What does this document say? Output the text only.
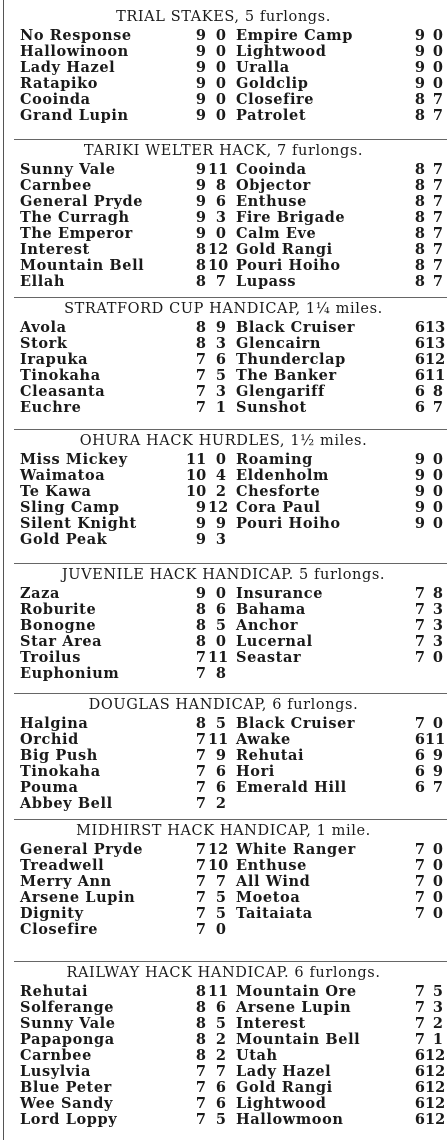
TRIAL STAKES, 5 furlongs.
No Response	9 0 Empire Camp	9 0
Hallowinoon	9 0 Lightwood	9 0
Lady Hazel	9 0 Uralla	9 0
Ratapiko	9 0 Goldclip	9 0
Cooinda	9 0 Closefire	8 7
Grand Lupin	9 0 Patrolet	8 7
TARIKI WELTER HACK, 7 furlongs.
Sunny Vale	9 11 Cooinda	8 7
Carnbee	9 8 Objector	8 7
General Pryde	9 6 Enthuse	8 7
The Curragh	9 3 Fire Brigade	8 7
The Emperor	9 0 Calm Eve	8 7
Interest	8 12 Gold Rangi	8 7
Mountain Bell	8 10 Pouri Hoiho	8 7
Ellah	8 7 Lupass	8 7
STRATFORD CUP HANDICAP, 1¼ miles.
Avola	8 9 Black Cruiser	6 13
Stork	8 3 Glencairn	6 13
Irapuka	7 6 Thunderclap	6 12
Tinokaha	7 5 The Banker	6 11
Cleasanta	7 3 Glengariff	6 8
Euchre	7 1 Sunshot	6 7
OHURA HACK HURDLES, 1½ miles.
Miss Mickey	11 0 Roaming	9 0
Waimatoa	10 4 Eldenholm	9 0
Te Kawa	10 2 Chesforte	9 0
Sling Camp	9 12 Cora Paul	9 0
Silent Knight	9 9 Pouri Hoiho	9 0
Gold Peak	9 3
JUVENILE HACK HANDICAP. 5 furlongs.
Zaza	9 0 Insurance	7 8
Roburite	8 6 Bahama	7 3
Bonogne	8 5 Anchor	7 3
Star Area	8 0 Lucernal	7 3
Troilus	7 11 Seastar	7 0
Euphonium	7 8
DOUGLAS HANDICAP, 6 furlongs.
Halgina	8 5 Black Cruiser	7 0
Orchid	7 11 Awake	6 11
Big Push	7 9 Rehutai	6 9
Tinokaha	7 6 Hori	6 9
Pouma	7 6 Emerald Hill	6 7
Abbey Bell	7 2
MIDHIRST HACK HANDICAP, 1 mile.
General Pryde	7 12 White Ranger	7 0
Treadwell	7 10 Enthuse	7 0
Merry Ann	7 7 All Wind	7 0
Arsene Lupin	7 5 Moetoa	7 0
Dignity	7 5 Taitaiata	7 0
Closefire	7 0
RAILWAY HACK HANDICAP. 6 furlongs.
Rehutai	8 11 Mountain Ore	7 5
Solferange	8 6 Arsene Lupin	7 3
Sunny Vale	8 5 Interest	7 2
Papaponga	8 2 Mountain Bell	7 1
Carnbee	8 2 Utah	6 12
Lusylvia	7 7 Lady Hazel	6 12
Blue Peter	7 6 Gold Rangi	6 12
Wee Sandy	7 6 Lightwood	6 12
Lord Loppy	7 5 Hallowmoon	6 12
